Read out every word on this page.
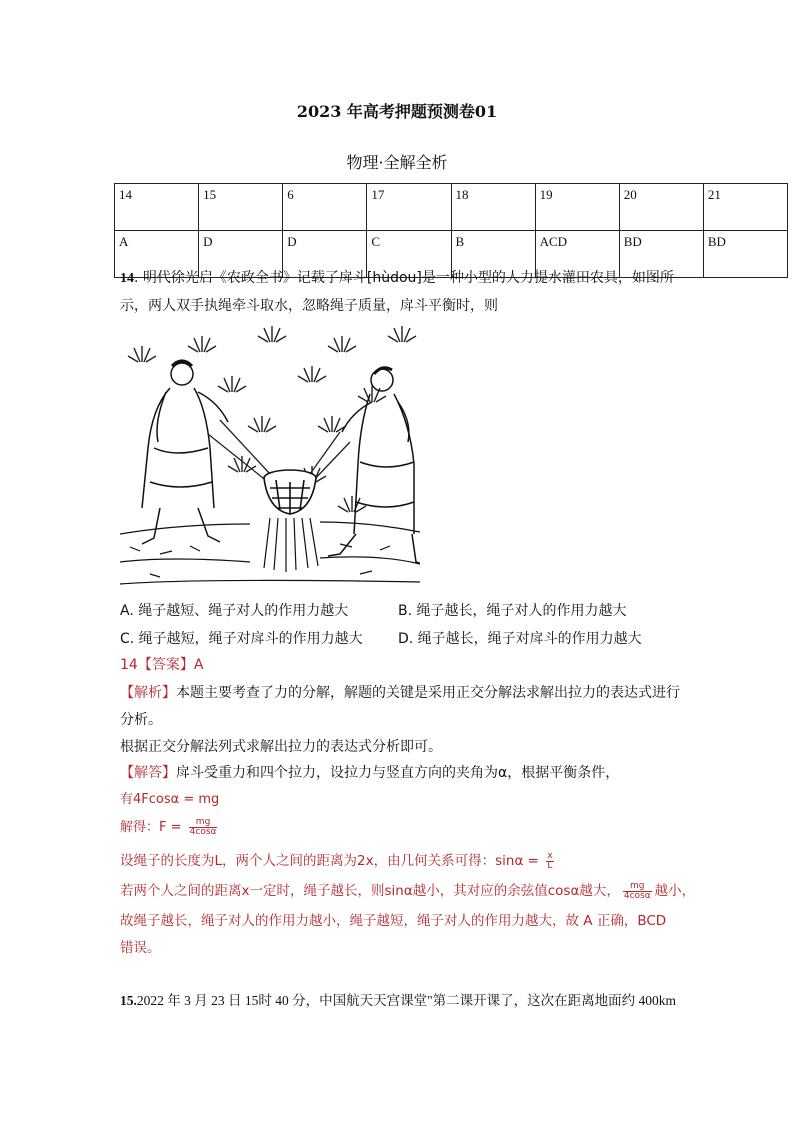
2023 年高考押题预测卷01
物理·全解全析
14	15	6	17	18	19	20	21
A	D	D	C	B	ACD	BD	BD
14. 明代徐光启《农政全书》记载了戽斗[hùdou]是一种小型的人力提水灌田农具，如图所
示，两人双手执绳牵斗取水，忽略绳子质量，戽斗平衡时，则
A. 绳子越短、绳子对人的作用力越大	B. 绳子越长，绳子对人的作用力越大
C. 绳子越短，绳子对戽斗的作用力越大	D. 绳子越长，绳子对戽斗的作用力越大
14【答案】A
【解析】本题主要考查了力的分解，解题的关键是采用正交分解法求解出拉力的表达式进行
分析。
根据正交分解法列式求解出拉力的表达式分析即可。
【解答】戽斗受重力和四个拉力，设拉力与竖直方向的夹角为α，根据平衡条件，
有4Fcosα = mg
解得：$F = \frac{mg}{4\cos\alpha}$
设绳子的长度为L，两个人之间的距离为2x，由几何关系可得：$\sin\alpha = \frac{x}{L}$
若两个人之间的距离x一定时，绳子越长，则sinα越小，其对应的余弦值cosα越大， $\frac{mg}{4\cos\alpha}$ 越小，
故绳子越长，绳子对人的作用力越小，绳子越短，绳子对人的作用力越大，故 A 正确，BCD
错误。
15.2022 年 3 月 23 日 15时 40 分，中国航天天宫课堂"第二课开课了，这次在距离地面约 400km
